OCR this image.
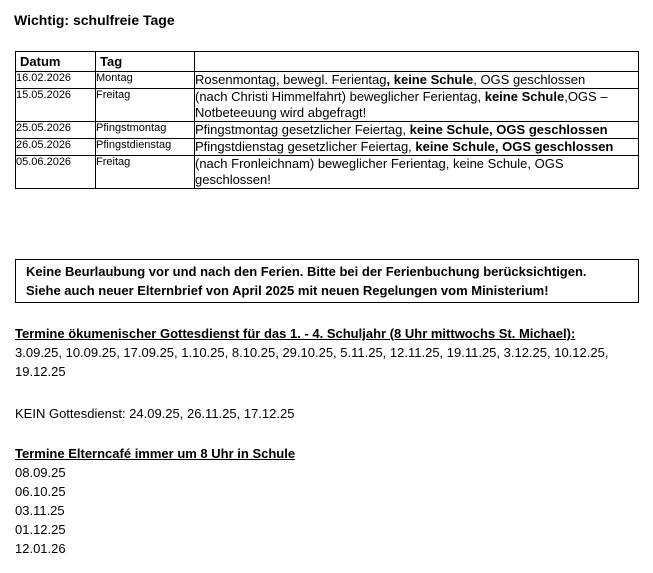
Wichtig: schulfreie Tage
Datum	Tag	
16.02.2026	Montag	Rosenmontag, bewegl. Ferientag, keine Schule, OGS geschlossen
15.05.2026	Freitag	(nach Christi Himmelfahrt) beweglicher Ferientag, keine Schule,OGS – Notbeteeuung wird abgefragt!
25.05.2026	Pfingstmontag	Pfingstmontag gesetzlicher Feiertag, keine Schule, OGS geschlossen
26.05.2026	Pfingstdienstag	Pfingstdienstag gesetzlicher Feiertag, keine Schule, OGS geschlossen
05.06.2026	Freitag	(nach Fronleichnam) beweglicher Ferientag, keine Schule, OGS geschlossen!
Keine Beurlaubung vor und nach den Ferien. Bitte bei der Ferienbuchung berücksichtigen.
Siehe auch neuer Elternbrief von April 2025 mit neuen Regelungen vom Ministerium!
Termine ökumenischer Gottesdienst für das 1. - 4. Schuljahr (8 Uhr mittwochs St. Michael):
3.09.25, 10.09.25, 17.09.25, 1.10.25, 8.10.25, 29.10.25, 5.11.25, 12.11.25, 19.11.25, 3.12.25, 10.12.25, 19.12.25
KEIN Gottesdienst: 24.09.25, 26.11.25, 17.12.25
Termine Elterncafé immer um 8 Uhr in Schule
08.09.25
06.10.25
03.11.25
01.12.25
12.01.26
